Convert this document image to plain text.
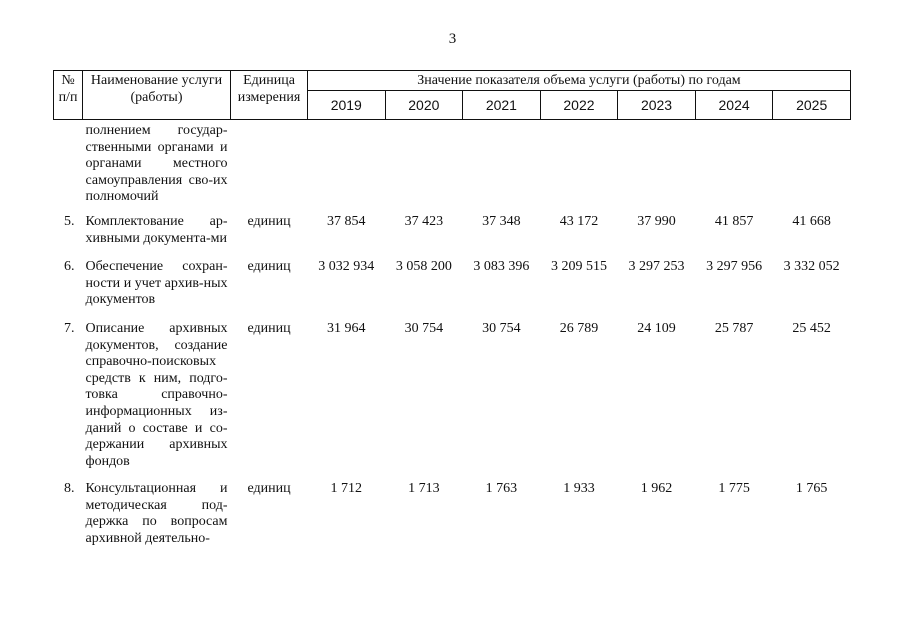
3
№ п/п	Наименование услуги (работы)	Единица измерения	Значение показателя объема услуги (работы) по годам						
			2019	2020	2021	2022	2023	2024	2025
	полнением государ-ственными органами и органами местного самоуправления сво-их полномочий								
5.	Комплектование ар-хивными документа-ми	единиц	37 854	37 423	37 348	43 172	37 990	41 857	41 668
6.	Обеспечение сохран-ности и учет архив-ных документов	единиц	3 032 934	3 058 200	3 083 396	3 209 515	3 297 253	3 297 956	3 332 052
7.	Описание архивных документов, создание справочно-поисковых средств к ним, подго-товка справочно-информационных из-даний о составе и со-держании архивных фондов	единиц	31 964	30 754	30 754	26 789	24 109	25 787	25 452
8.	Консультационная и методическая под-держка по вопросам архивной деятельно-	единиц	1 712	1 713	1 763	1 933	1 962	1 775	1 765
